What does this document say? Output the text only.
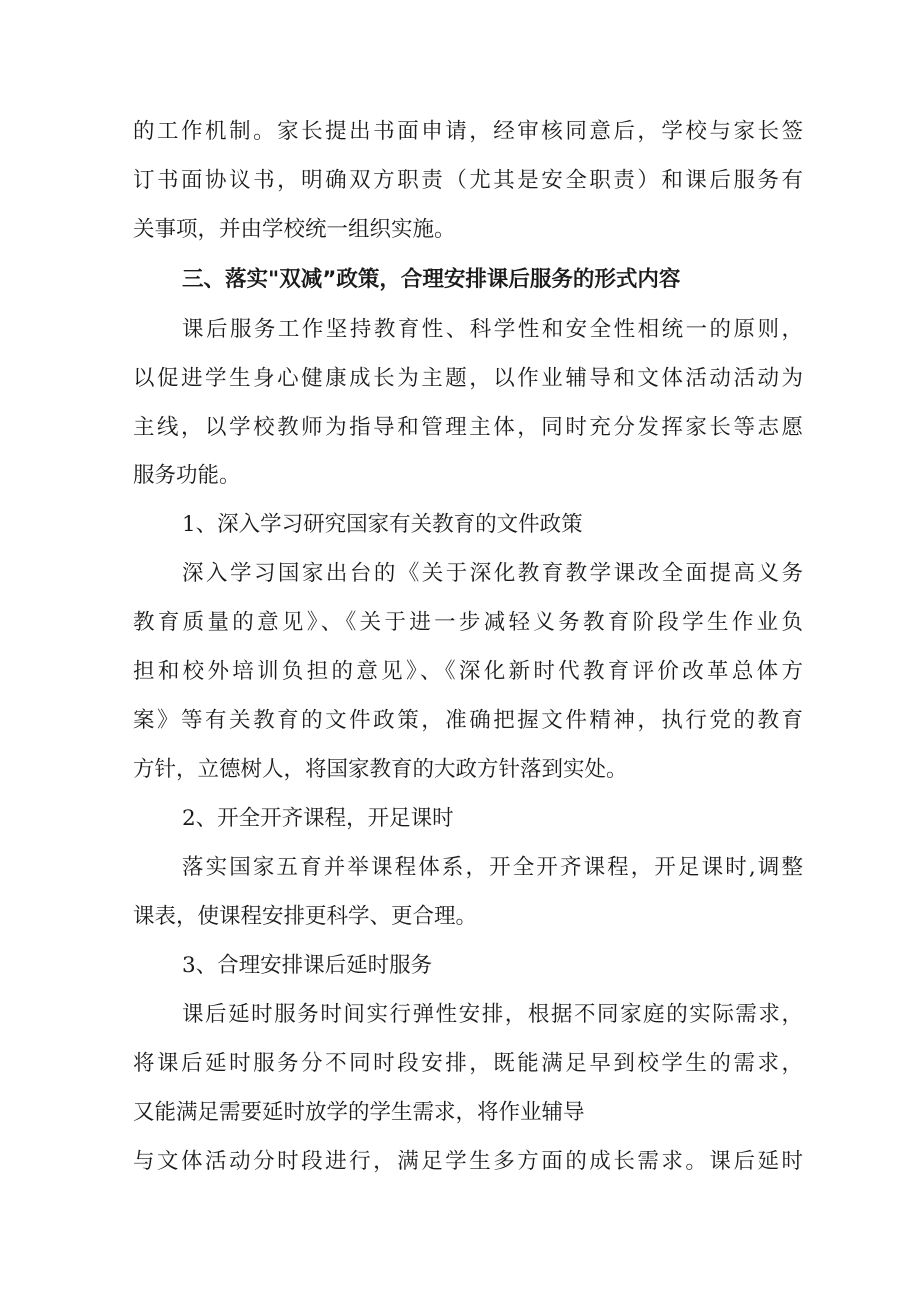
的工作机制。家长提出书面申请，经审核同意后，学校与家长签
订书面协议书，明确双方职责（尤其是安全职责）和课后服务有
关事项，并由学校统一组织实施。
三、落实"双减”政策，合理安排课后服务的形式内容
课后服务工作坚持教育性、科学性和安全性相统一的原则，
以促进学生身心健康成长为主题，以作业辅导和文体活动活动为
主线，以学校教师为指导和管理主体，同时充分发挥家长等志愿
服务功能。
1、深入学习研究国家有关教育的文件政策
深入学习国家出台的《关于深化教育教学课改全面提高义务
教育质量的意见》、《关于进一步减轻义务教育阶段学生作业负
担和校外培训负担的意见》、《深化新时代教育评价改革总体方
案》等有关教育的文件政策，准确把握文件精神，执行党的教育
方针，立德树人，将国家教育的大政方针落到实处。
2、开全开齐课程，开足课时
落实国家五育并举课程体系，开全开齐课程，开足课时,调整
课表，使课程安排更科学、更合理。
3、合理安排课后延时服务
课后延时服务时间实行弹性安排，根据不同家庭的实际需求，
将课后延时服务分不同时段安排，既能满足早到校学生的需求，
又能满足需要延时放学的学生需求，将作业辅导
与文体活动分时段进行，满足学生多方面的成长需求。课后延时
